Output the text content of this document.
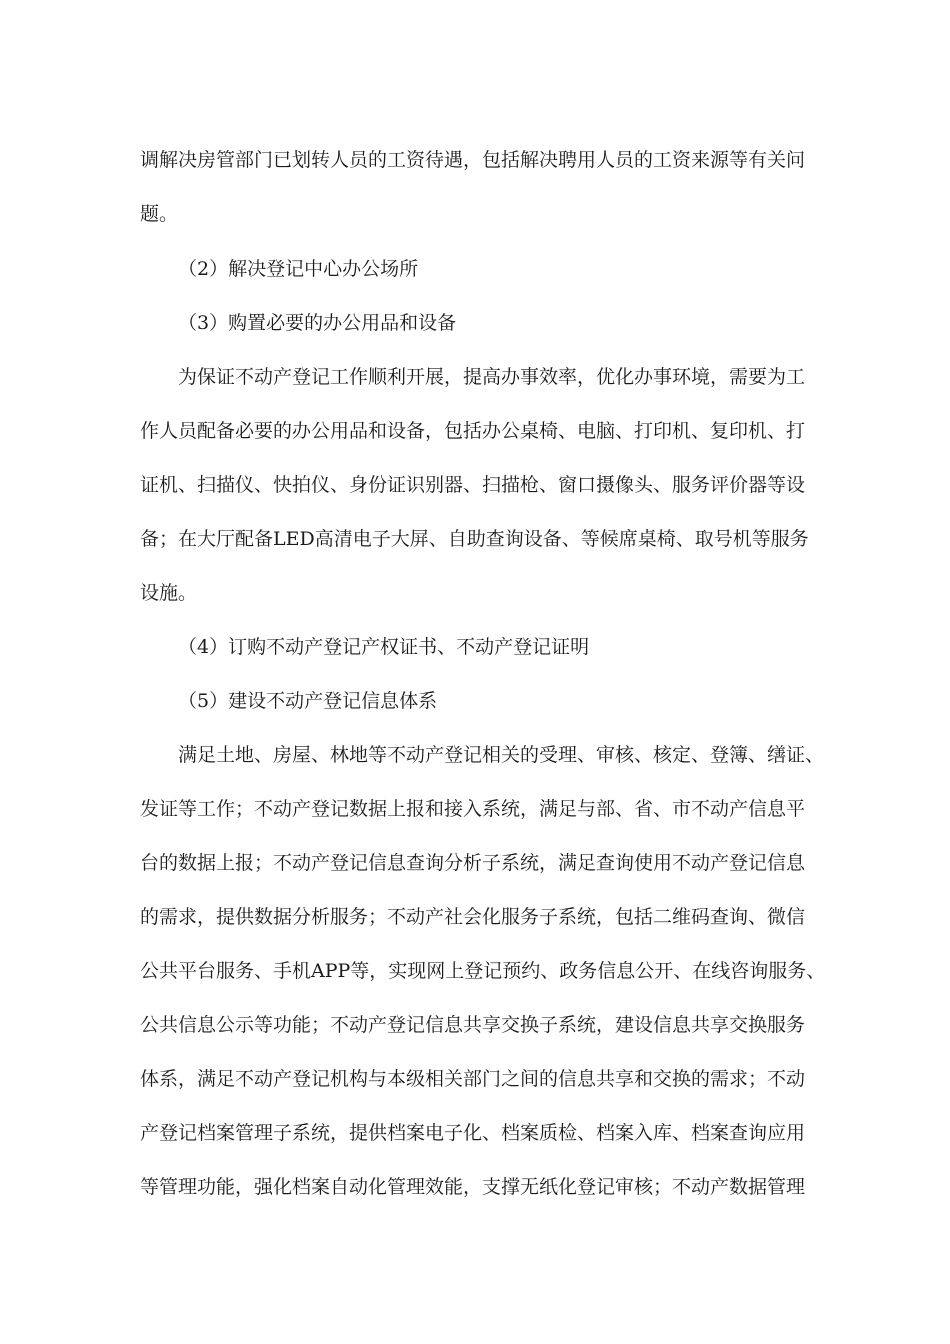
调解决房管部门已划转人员的工资待遇，包括解决聘用人员的工资来源等有关问
题。
（2）解决登记中心办公场所
（3）购置必要的办公用品和设备
为保证不动产登记工作顺利开展，提高办事效率，优化办事环境，需要为工
作人员配备必要的办公用品和设备，包括办公桌椅、电脑、打印机、复印机、打
证机、扫描仪、快拍仪、身份证识别器、扫描枪、窗口摄像头、服务评价器等设
备；在大厅配备LED高清电子大屏、自助查询设备、等候席桌椅、取号机等服务
设施。
（4）订购不动产登记产权证书、不动产登记证明
（5）建设不动产登记信息体系
满足土地、房屋、林地等不动产登记相关的受理、审核、核定、登簿、缮证、
发证等工作；不动产登记数据上报和接入系统，满足与部、省、市不动产信息平
台的数据上报；不动产登记信息查询分析子系统，满足查询使用不动产登记信息
的需求，提供数据分析服务；不动产社会化服务子系统，包括二维码查询、微信
公共平台服务、手机APP等，实现网上登记预约、政务信息公开、在线咨询服务、
公共信息公示等功能；不动产登记信息共享交换子系统，建设信息共享交换服务
体系，满足不动产登记机构与本级相关部门之间的信息共享和交换的需求；不动
产登记档案管理子系统，提供档案电子化、档案质检、档案入库、档案查询应用
等管理功能，强化档案自动化管理效能，支撑无纸化登记审核；不动产数据管理
